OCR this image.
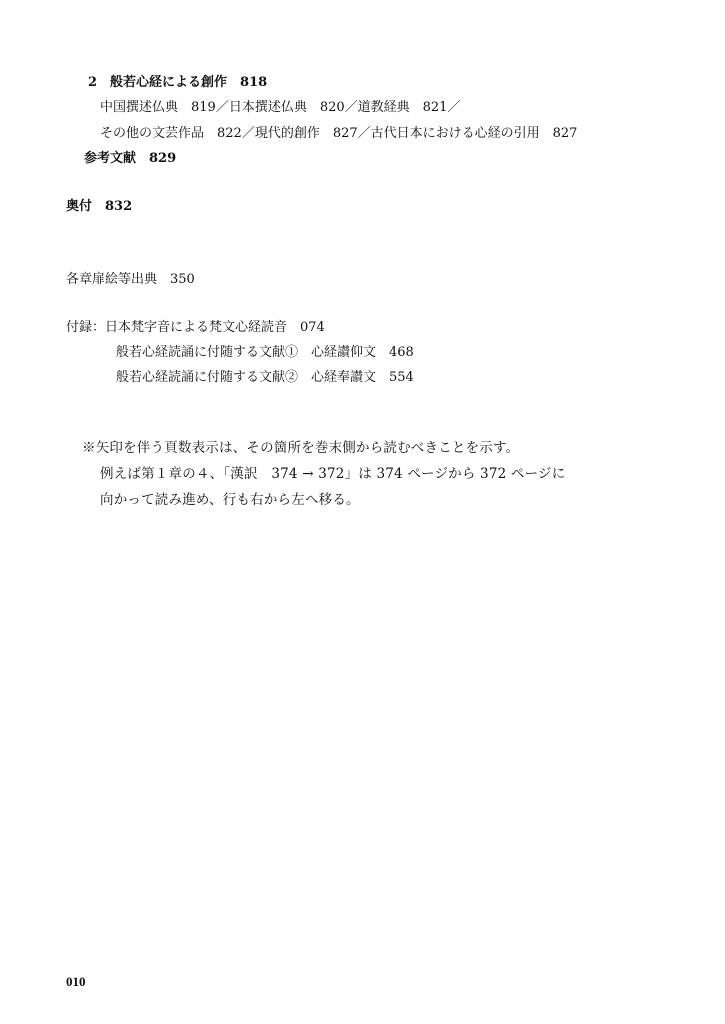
2　般若心経による創作　818
中国撰述仏典　819／日本撰述仏典　820／道教経典　821／
その他の文芸作品　822／現代的創作　827／古代日本における心経の引用　827
参考文献　829
奥付　832
各章扉絵等出典　350
付録：日本梵字音による梵文心経読音　074
般若心経読誦に付随する文献①　心経讃仰文　468
般若心経読誦に付随する文献②　心経奉讃文　554
※矢印を伴う頁数表示は、その箇所を巻末側から読むべきことを示す。
例えば第１章の４、「漢訳　374 → 372」は 374 ページから 372 ページに
向かって読み進め、行も右から左へ移る。
010
